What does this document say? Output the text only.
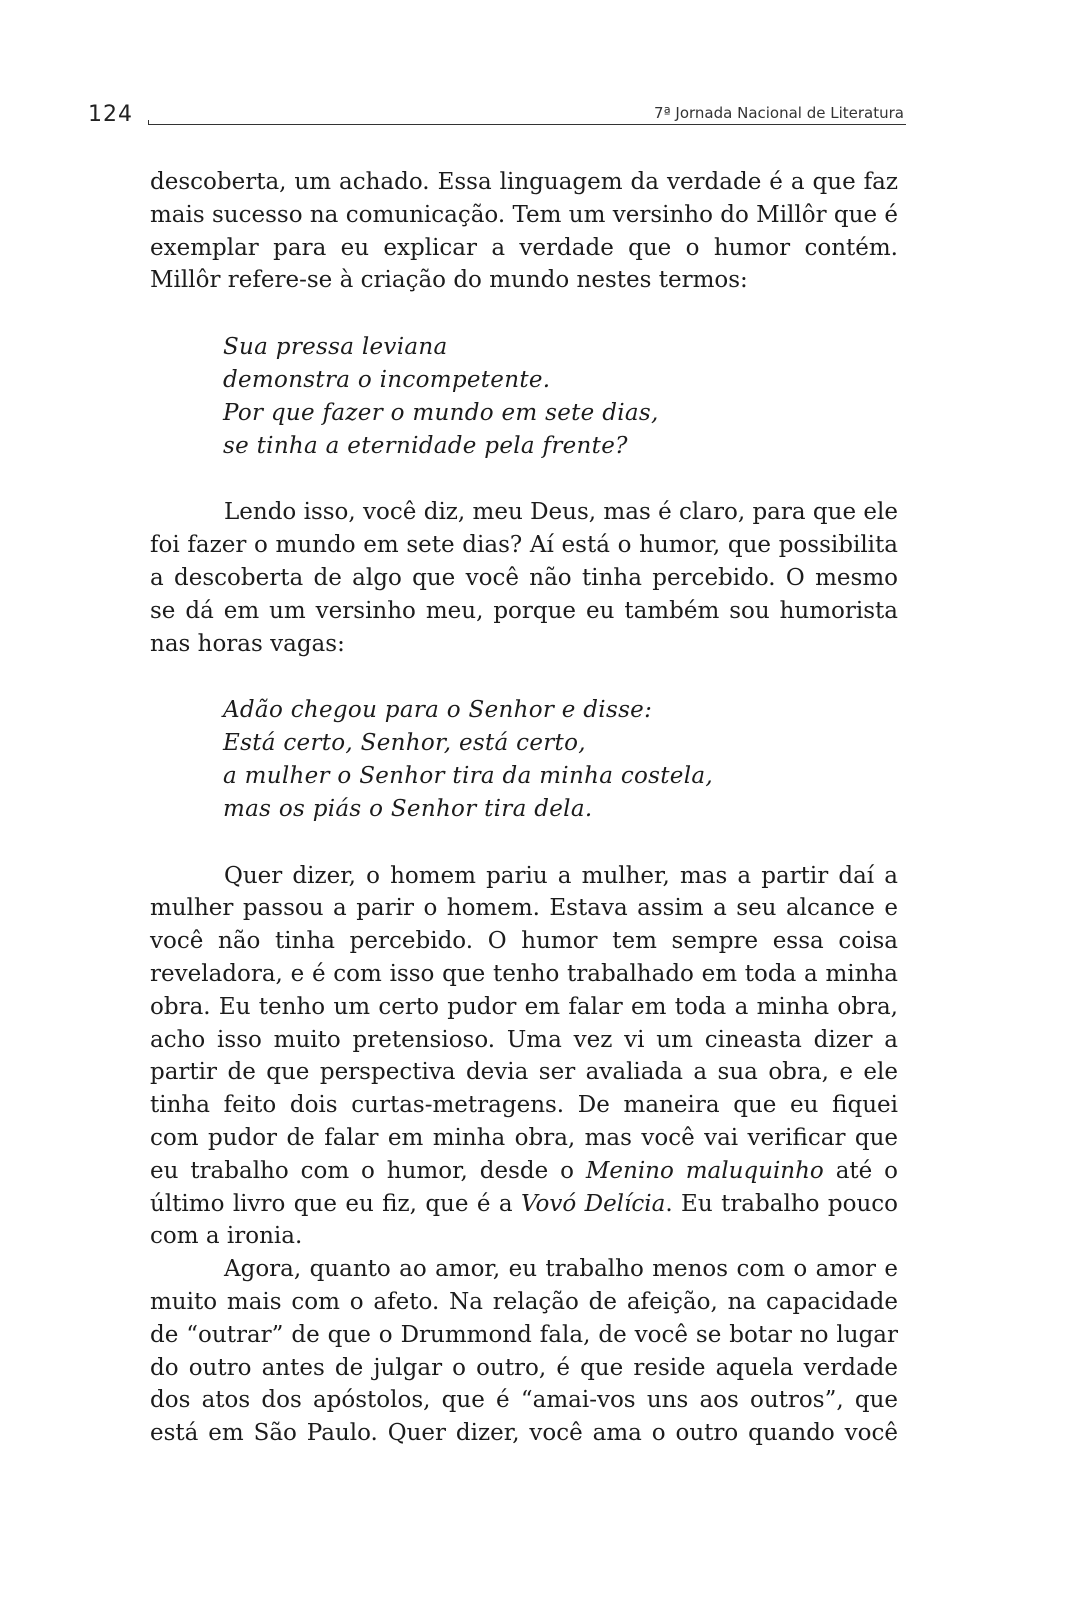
124	7ª Jornada Nacional de Literatura

descoberta, um achado. Essa linguagem da verdade é a que faz mais sucesso na comunicação. Tem um versinho do Millôr que é exemplar para eu explicar a verdade que o humor contém. Millôr refere-se à criação do mundo nestes termos:

Sua pressa leviana
demonstra o incompetente.
Por que fazer o mundo em sete dias,
se tinha a eternidade pela frente?

Lendo isso, você diz, meu Deus, mas é claro, para que ele foi fazer o mundo em sete dias? Aí está o humor, que possibilita a descoberta de algo que você não tinha percebido. O mesmo se dá em um versinho meu, porque eu também sou humorista nas horas vagas:

Adão chegou para o Senhor e disse:
Está certo, Senhor, está certo,
a mulher o Senhor tira da minha costela,
mas os piás o Senhor tira dela.

Quer dizer, o homem pariu a mulher, mas a partir daí a mulher passou a parir o homem. Estava assim a seu alcance e você não tinha percebido. O humor tem sempre essa coisa reveladora, e é com isso que tenho trabalhado em toda a minha obra. Eu tenho um certo pudor em falar em toda a minha obra, acho isso muito pretensioso. Uma vez vi um cineasta dizer a partir de que perspectiva devia ser avaliada a sua obra, e ele tinha feito dois curtas-metragens. De maneira que eu fiquei com pudor de falar em minha obra, mas você vai verificar que eu trabalho com o humor, desde o Menino maluquinho até o último livro que eu fiz, que é a Vovó Delícia. Eu trabalho pouco com a ironia.

Agora, quanto ao amor, eu trabalho menos com o amor e muito mais com o afeto. Na relação de afeição, na capacidade de “outrar” de que o Drummond fala, de você se botar no lugar do outro antes de julgar o outro, é que reside aquela verdade dos atos dos apóstolos, que é “amai-vos uns aos outros”, que está em São Paulo. Quer dizer, você ama o outro quando você
